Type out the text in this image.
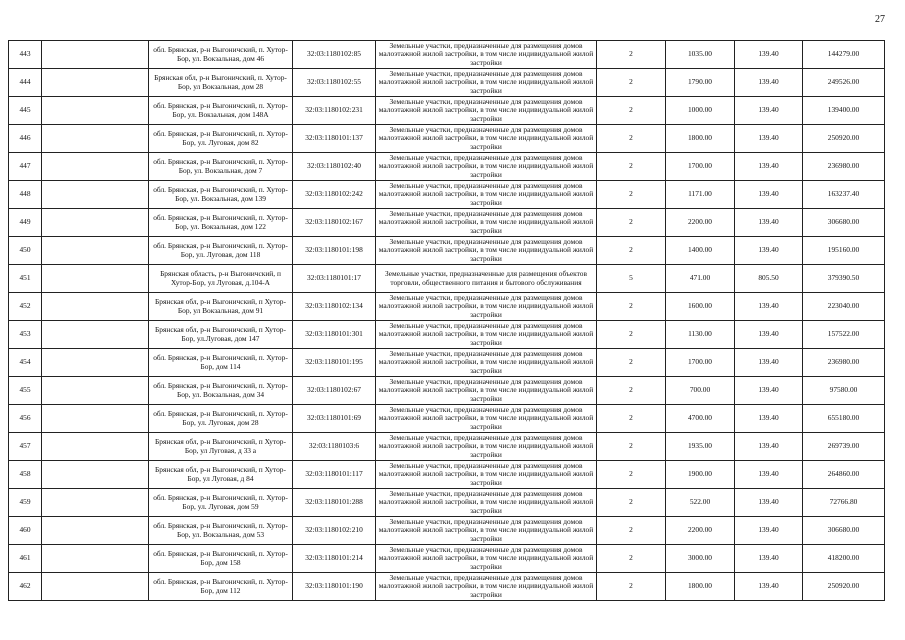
27
443		обл. Брянская, р-н Выгоничский, п. Хутор-Бор, ул. Вокзальная, дом 46	32:03:1180102:85	Земельные участки, предназначенные для размещения домов малоэтажной жилой застройки, в том числе индивидуальной жилой застройки	2	1035.00	139.40	144279.00
444		Брянская обл, р-н Выгоничский, п. Хутор-Бор, ул Вокзальная, дом 28	32:03:1180102:55	Земельные участки, предназначенные для размещения домов малоэтажной жилой застройки, в том числе индивидуальной жилой застройки	2	1790.00	139.40	249526.00
445		обл. Брянская, р-н Выгоничский, п. Хутор-Бор, ул. Вокзальная, дом 148А	32:03:1180102:231	Земельные участки, предназначенные для размещения домов малоэтажной жилой застройки, в том числе индивидуальной жилой застройки	2	1000.00	139.40	139400.00
446		обл. Брянская, р-н Выгоничский, п. Хутор-Бор, ул. Луговая, дом 82	32:03:1180101:137	Земельные участки, предназначенные для размещения домов малоэтажной жилой застройки, в том числе индивидуальной жилой застройки	2	1800.00	139.40	250920.00
447		обл. Брянская, р-н Выгоничский, п. Хутор-Бор, ул. Вокзальная, дом 7	32:03:1180102:40	Земельные участки, предназначенные для размещения домов малоэтажной жилой застройки, в том числе индивидуальной жилой застройки	2	1700.00	139.40	236980.00
448		обл. Брянская, р-н Выгоничский, п. Хутор-Бор, ул. Вокзальная, дом 139	32:03:1180102:242	Земельные участки, предназначенные для размещения домов малоэтажной жилой застройки, в том числе индивидуальной жилой застройки	2	1171.00	139.40	163237.40
449		обл. Брянская, р-н Выгоничский, п. Хутор-Бор, ул. Вокзальная, дом 122	32:03:1180102:167	Земельные участки, предназначенные для размещения домов малоэтажной жилой застройки, в том числе индивидуальной жилой застройки	2	2200.00	139.40	306680.00
450		обл. Брянская, р-н Выгоничский, п. Хутор-Бор, ул. Луговая, дом 118	32:03:1180101:198	Земельные участки, предназначенные для размещения домов малоэтажной жилой застройки, в том числе индивидуальной жилой застройки	2	1400.00	139.40	195160.00
451		Брянская область, р-н Выгоничский, п Хутор-Бор, ул Луговая, д.104-А	32:03:1180101:17	Земельные участки, предназначенные для размещения объектов торговли, общественного питания и бытового обслуживания	5	471.00	805.50	379390.50
452		Брянская обл, р-н Выгоничский, п Хутор-Бор, ул Вокзальная, дом 91	32:03:1180102:134	Земельные участки, предназначенные для размещения домов малоэтажной жилой застройки, в том числе индивидуальной жилой застройки	2	1600.00	139.40	223040.00
453		Брянская обл, р-н Выгоничский, п Хутор-Бор, ул.Луговая, дом 147	32:03:1180101:301	Земельные участки, предназначенные для размещения домов малоэтажной жилой застройки, в том числе индивидуальной жилой застройки	2	1130.00	139.40	157522.00
454		обл. Брянская, р-н Выгоничский, п. Хутор-Бор, дом 114	32:03:1180101:195	Земельные участки, предназначенные для размещения домов малоэтажной жилой застройки, в том числе индивидуальной жилой застройки	2	1700.00	139.40	236980.00
455		обл. Брянская, р-н Выгоничский, п. Хутор-Бор, ул. Вокзальная, дом 34	32:03:1180102:67	Земельные участки, предназначенные для размещения домов малоэтажной жилой застройки, в том числе индивидуальной жилой застройки	2	700.00	139.40	97580.00
456		обл. Брянская, р-н Выгоничский, п. Хутор-Бор, ул. Луговая, дом 28	32:03:1180101:69	Земельные участки, предназначенные для размещения домов малоэтажной жилой застройки, в том числе индивидуальной жилой застройки	2	4700.00	139.40	655180.00
457		Брянская обл, р-н Выгоничский, п Хутор-Бор, ул Луговая, д 33 а	32:03:1180103:6	Земельные участки, предназначенные для размещения домов малоэтажной жилой застройки, в том числе индивидуальной жилой застройки	2	1935.00	139.40	269739.00
458		Брянская обл, р-н Выгоничский, п Хутор-Бор, ул Луговая, д 84	32:03:1180101:117	Земельные участки, предназначенные для размещения домов малоэтажной жилой застройки, в том числе индивидуальной жилой застройки	2	1900.00	139.40	264860.00
459		обл. Брянская, р-н Выгоничский, п. Хутор-Бор, ул. Луговая, дом 59	32:03:1180101:288	Земельные участки, предназначенные для размещения домов малоэтажной жилой застройки, в том числе индивидуальной жилой застройки	2	522.00	139.40	72766.80
460		обл. Брянская, р-н Выгоничский, п. Хутор-Бор, ул. Вокзальная, дом 53	32:03:1180102:210	Земельные участки, предназначенные для размещения домов малоэтажной жилой застройки, в том числе индивидуальной жилой застройки	2	2200.00	139.40	306680.00
461		обл. Брянская, р-н Выгоничский, п. Хутор-Бор, дом 158	32:03:1180101:214	Земельные участки, предназначенные для размещения домов малоэтажной жилой застройки, в том числе индивидуальной жилой застройки	2	3000.00	139.40	418200.00
462		обл. Брянская, р-н Выгоничский, п. Хутор-Бор, дом 112	32:03:1180101:190	Земельные участки, предназначенные для размещения домов малоэтажной жилой застройки, в том числе индивидуальной жилой застройки	2	1800.00	139.40	250920.00
